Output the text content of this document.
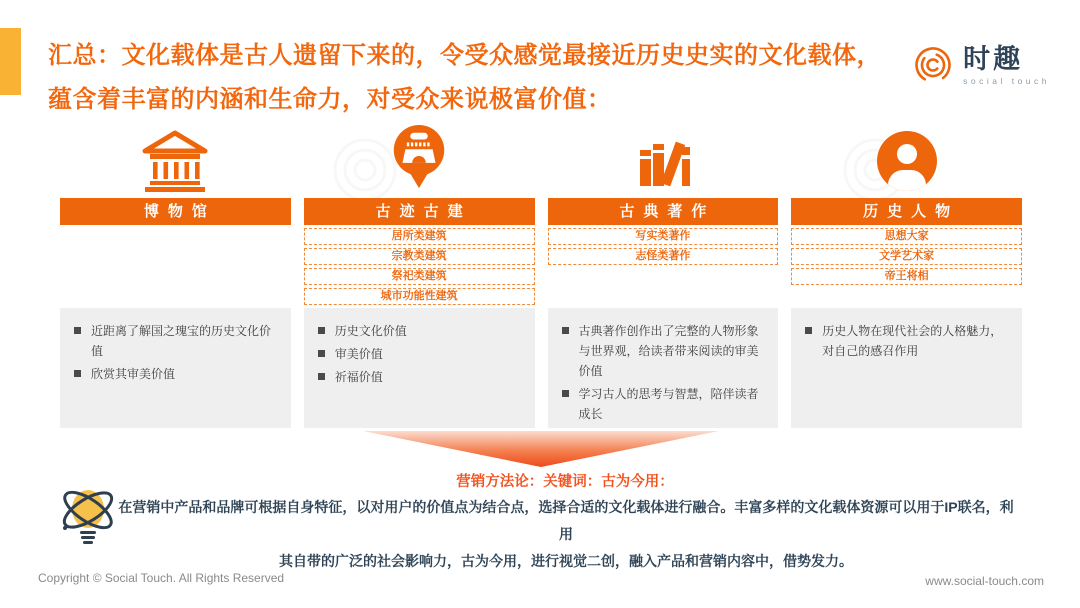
汇总：文化载体是古人遗留下来的，令受众感觉最接近历史史实的文化载体，
蕴含着丰富的内涵和生命力，对受众来说极富价值：
时趣
social touch
博物馆
近距离了解国之瑰宝的历史文化价值
欣赏其审美价值
古迹古建
居所类建筑
宗教类建筑
祭祀类建筑
城市功能性建筑
历史文化价值
审美价值
祈福价值
古典著作
写实类著作
志怪类著作
古典著作创作出了完整的人物形象与世界观，给读者带来阅读的审美价值
学习古人的思考与智慧，陪伴读者成长
历史人物
思想大家
文学艺术家
帝王将相
历史人物在现代社会的人格魅力，对自己的感召作用
营销方法论：关键词：古为今用：
在营销中产品和品牌可根据自身特征，以对用户的价值点为结合点，选择合适的文化载体进行融合。丰富多样的文化载体资源可以用于IP联名，利用
其自带的广泛的社会影响力，古为今用，进行视觉二创，融入产品和营销内容中，借势发力。
Copyright © Social Touch. All Rights Reserved	www.social-touch.com
